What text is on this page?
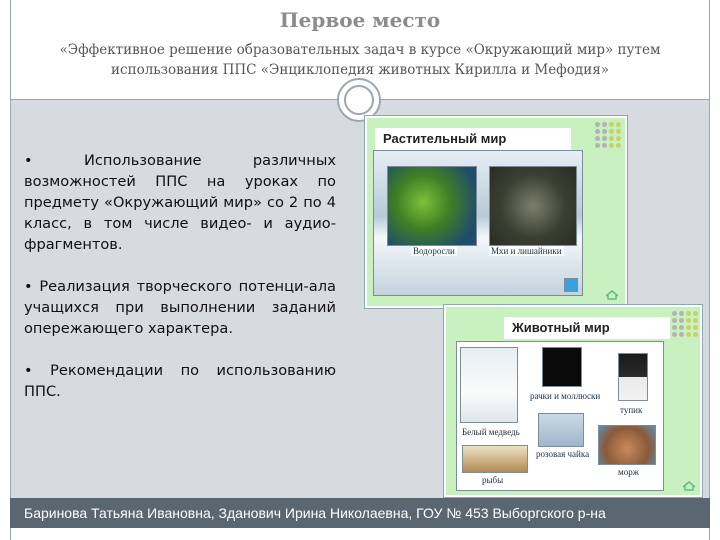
Первое место
«Эффективное решение образовательных задач в курсе «Окружающий мир» путем использования ППС «Энциклопедия животных Кирилла и Мефодия»

• Использование различных возможностей ППС на уроках по предмету «Окружающий мир» со 2 по 4 класс, в том числе видео- и аудио-фрагментов.

• Реализация творческого потенци-ала учащихся при выполнении заданий опережающего характера.

• Рекомендации по использованию ППС.

Растительный мир
Водоросли	Мхи и лишайники
Животный мир
Белый медведь
рачки и моллюски
тупик
розовая чайка
рыбы
морж
Баринова Татьяна Ивановна, Зданович Ирина Николаевна, ГОУ № 453 Выборгского р-на
